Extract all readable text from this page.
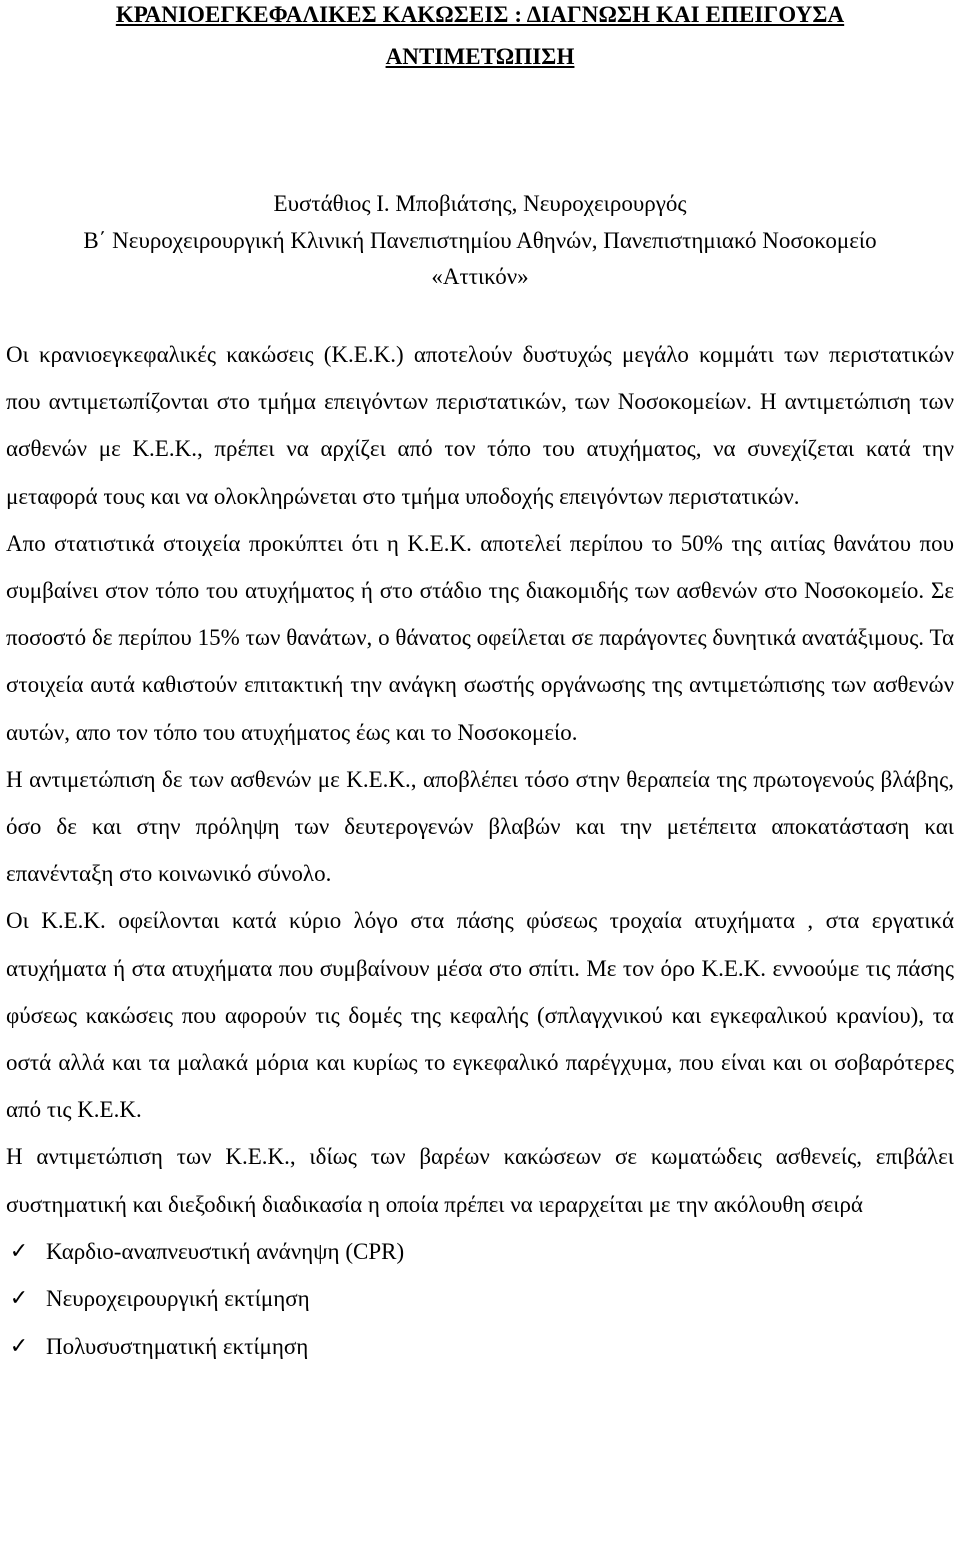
ΚΡΑΝΙΟΕΓΚΕΦΑΛΙΚΕΣ ΚΑΚΩΣΕΙΣ : ΔΙΑΓΝΩΣΗ ΚΑΙ ΕΠΕΙΓΟΥΣΑ
ΑΝΤΙΜΕΤΩΠΙΣΗ
Ευστάθιος Ι. Μποβιάτσης, Νευροχειρουργός
Β΄ Νευροχειρουργική Κλινική Πανεπιστημίου Αθηνών, Πανεπιστημιακό Νοσοκομείο
«Αττικόν»

Οι κρανιοεγκεφαλικές κακώσεις (Κ.Ε.Κ.) αποτελούν δυστυχώς μεγάλο κομμάτι των περιστατικών που αντιμετωπίζονται στο τμήμα επειγόντων περιστατικών, των Νοσοκομείων. Η αντιμετώπιση των ασθενών με Κ.Ε.Κ., πρέπει να αρχίζει από τον τόπο του ατυχήματος, να συνεχίζεται κατά την μεταφορά τους και να ολοκληρώνεται στο τμήμα υποδοχής επειγόντων περιστατικών.

Απο στατιστικά στοιχεία προκύπτει ότι η Κ.Ε.Κ. αποτελεί περίπου το 50% της αιτίας θανάτου που συμβαίνει στον τόπο του ατυχήματος ή στο στάδιο της διακομιδής των ασθενών στο Νοσοκομείο. Σε ποσοστό δε περίπου 15% των θανάτων, ο θάνατος οφείλεται σε παράγοντες δυνητικά ανατάξιμους. Τα στοιχεία αυτά καθιστούν επιτακτική την ανάγκη σωστής οργάνωσης της αντιμετώπισης των ασθενών αυτών, απο τον τόπο του ατυχήματος έως και το Νοσοκομείο.

Η αντιμετώπιση δε των ασθενών με Κ.Ε.Κ., αποβλέπει τόσο στην θεραπεία της πρωτογενούς βλάβης, όσο δε και στην πρόληψη των δευτερογενών βλαβών και την μετέπειτα αποκατάσταση και επανένταξη στο κοινωνικό σύνολο.

Οι Κ.Ε.Κ. οφείλονται κατά κύριο λόγο στα πάσης φύσεως τροχαία ατυχήματα , στα εργατικά ατυχήματα ή στα ατυχήματα που συμβαίνουν μέσα στο σπίτι. Με τον όρο Κ.Ε.Κ. εννοούμε τις πάσης φύσεως κακώσεις που αφορούν τις δομές της κεφαλής (σπλαγχνικού και εγκεφαλικού κρανίου), τα οστά αλλά και τα μαλακά μόρια και κυρίως το εγκεφαλικό παρέγχυμα, που είναι και οι σοβαρότερες από τις Κ.Ε.Κ.

Η αντιμετώπιση των Κ.Ε.Κ., ιδίως των βαρέων κακώσεων σε κωματώδεις ασθενείς, επιβάλει συστηματική και διεξοδική διαδικασία η οποία πρέπει να ιεραρχείται με την ακόλουθη σειρά

✓ Καρδιο-αναπνευστική ανάνηψη (CPR)
✓ Νευροχειρουργική εκτίμηση
✓ Πολυσυστηματική εκτίμηση
